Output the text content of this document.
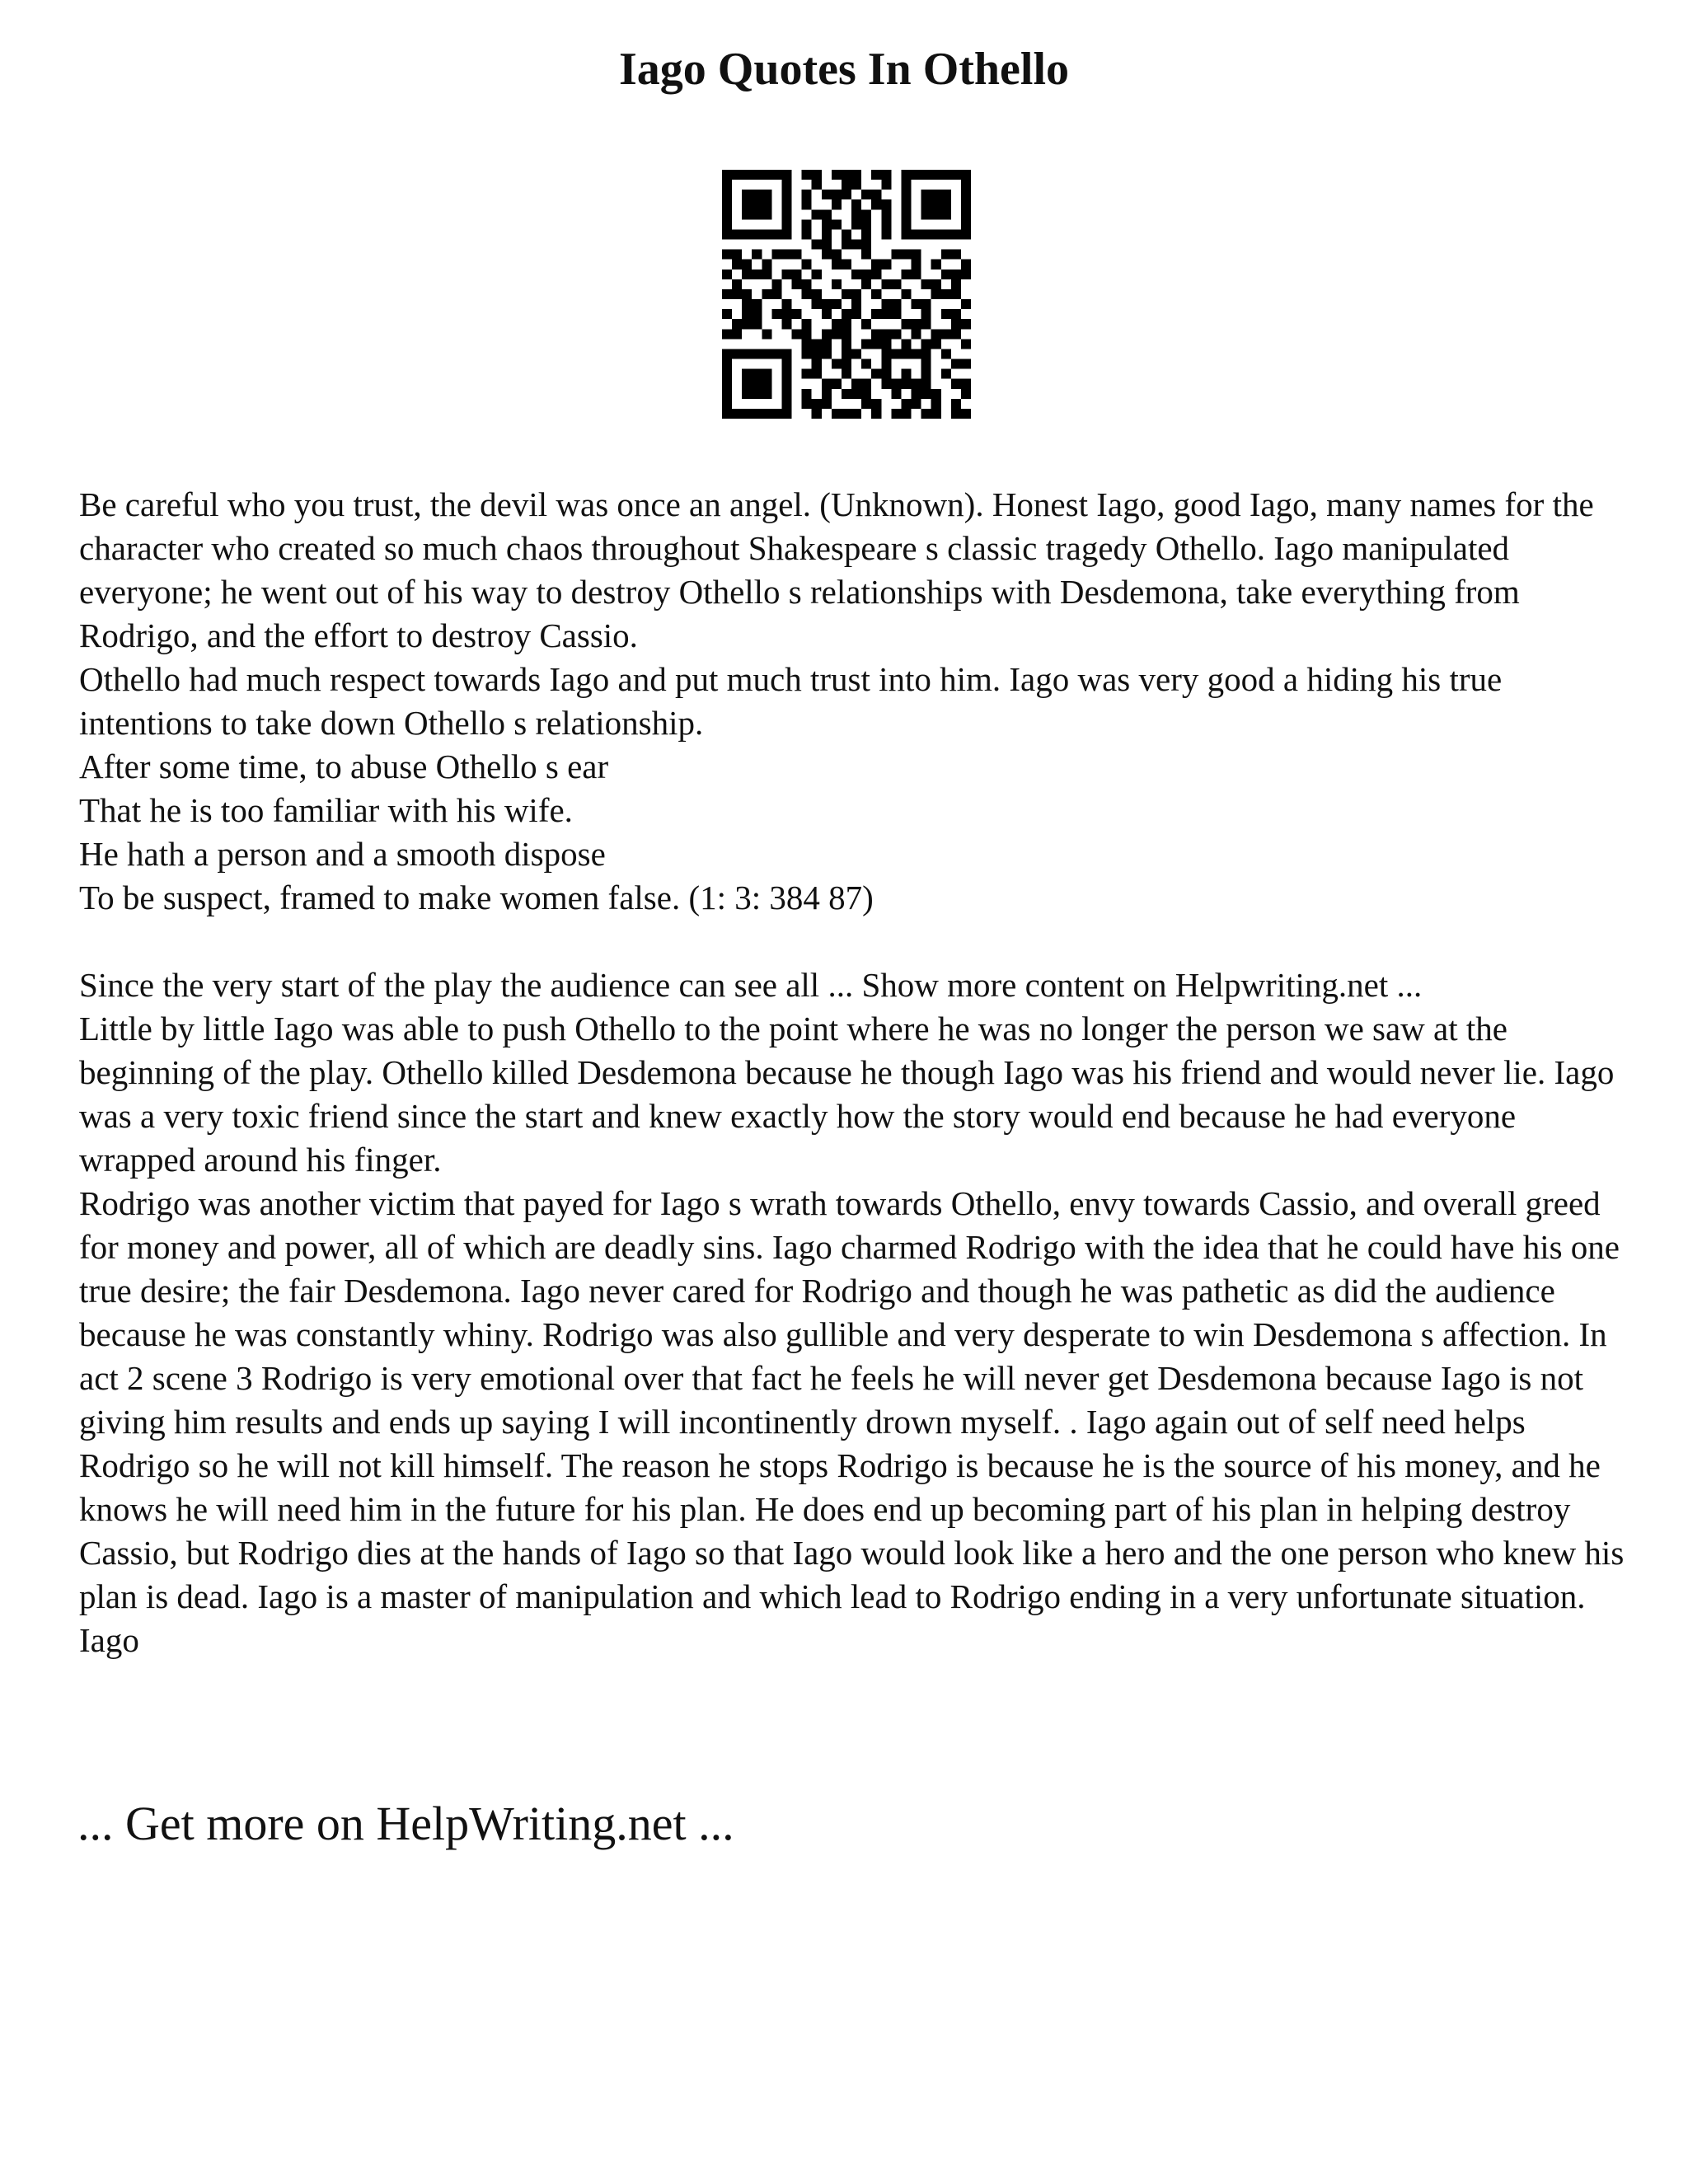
Iago Quotes In Othello

Be careful who you trust, the devil was once an angel. (Unknown). Honest Iago, good Iago, many names for the character who created so much chaos throughout Shakespeare s classic tragedy Othello. Iago manipulated everyone; he went out of his way to destroy Othello s relationships with Desdemona, take everything from Rodrigo, and the effort to destroy Cassio.

Othello had much respect towards Iago and put much trust into him. Iago was very good a hiding his true intentions to take down Othello s relationship.

After some time, to abuse Othello s ear

That he is too familiar with his wife.

He hath a person and a smooth dispose

To be suspect, framed to make women false. (1: 3: 384 87)

Since the very start of the play the audience can see all ... Show more content on Helpwriting.net ...

Little by little Iago was able to push Othello to the point where he was no longer the person we saw at the beginning of the play. Othello killed Desdemona because he though Iago was his friend and would never lie. Iago was a very toxic friend since the start and knew exactly how the story would end because he had everyone wrapped around his finger.

Rodrigo was another victim that payed for Iago s wrath towards Othello, envy towards Cassio, and overall greed for money and power, all of which are deadly sins. Iago charmed Rodrigo with the idea that he could have his one true desire; the fair Desdemona. Iago never cared for Rodrigo and though he was pathetic as did the audience because he was constantly whiny. Rodrigo was also gullible and very desperate to win Desdemona s affection. In act 2 scene 3 Rodrigo is very emotional over that fact he feels he will never get Desdemona because Iago is not giving him results and ends up saying I will incontinently drown myself. . Iago again out of self need helps Rodrigo so he will not kill himself. The reason he stops Rodrigo is because he is the source of his money, and he knows he will need him in the future for his plan. He does end up becoming part of his plan in helping destroy Cassio, but Rodrigo dies at the hands of Iago so that Iago would look like a hero and the one person who knew his plan is dead. Iago is a master of manipulation and which lead to Rodrigo ending in a very unfortunate situation.

Iago

... Get more on HelpWriting.net ...
